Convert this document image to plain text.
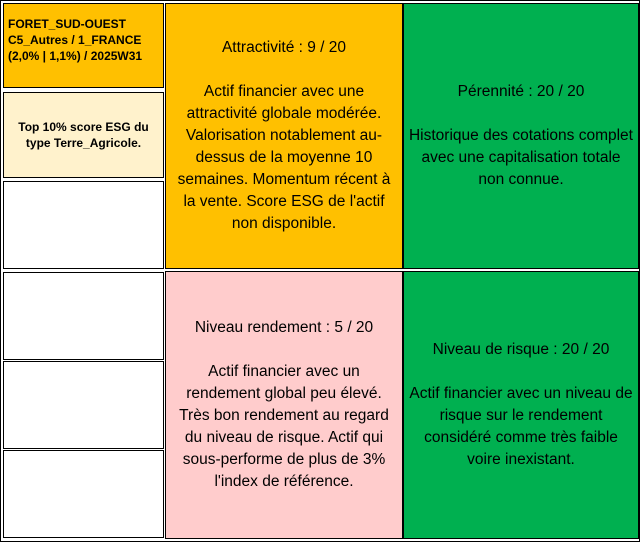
FORET_SUD-OUEST
C5_Autres / 1_FRANCE
(2,0% | 1,1%) / 2025W31
Top 10% score ESG du type Terre_Agricole.
Attractivité : 9 / 20
Actif financier avec une attractivité globale modérée. Valorisation notablement au-dessus de la moyenne 10 semaines. Momentum récent à la vente. Score ESG de l'actif non disponible.
Pérennité : 20 / 20
Historique des cotations complet avec une capitalisation totale non connue.
Niveau rendement : 5 / 20
Actif financier avec un rendement global peu élevé. Très bon rendement au regard du niveau de risque. Actif qui sous-performe de plus de 3% l'index de référence.
Niveau de risque : 20 / 20
Actif financier avec un niveau de risque sur le rendement considéré comme très faible voire inexistant.
